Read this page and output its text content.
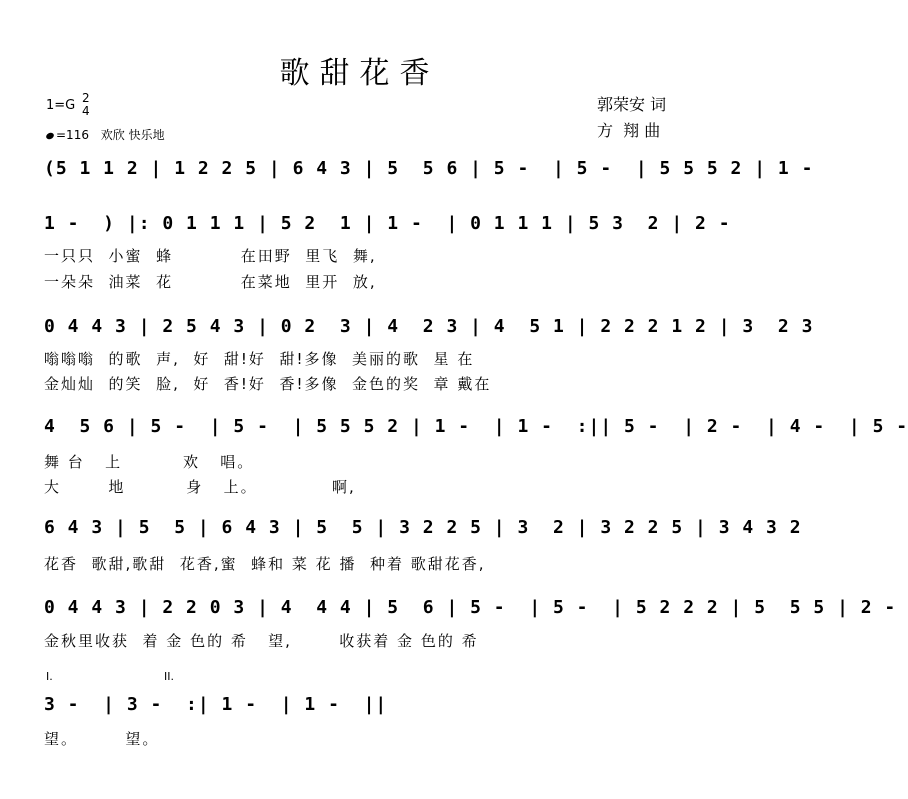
歌甜花香
郭荣安 词
方  翔 曲
1=G 2
4
=116 欢欣 快乐地
(5 1 1 2 | 1 2 2 5 | 6 4 3 | 5  5 6 | 5 -  | 5 -  | 5 5 5 2 | 1 -
1 -  ) |: 0 1 1 1 | 5 2  1 | 1 -  | 0 1 1 1 | 5 3  2 | 2 -
一只只  小蜜  蜂          在田野  里飞  舞,
一朵朵  油菜  花          在菜地  里开  放,
0 4 4 3 | 2 5 4 3 | 0 2  3 | 4  2 3 | 4  5 1 | 2 2 2 1 2 | 3  2 3
嗡嗡嗡  的歌  声,  好  甜!好  甜!多像  美丽的歌  星 在
金灿灿  的笑  脸,  好  香!好  香!多像  金色的奖  章 戴在
4  5 6 | 5 -  | 5 -  | 5 5 5 2 | 1 -  | 1 -  :|| 5 -  | 2 -  | 4 -  | 5 -
舞 台   上         欢   唱。
大       地         身   上。           啊,
6 4 3 | 5  5 | 6 4 3 | 5  5 | 3 2 2 5 | 3  2 | 3 2 2 5 | 3 4 3 2
花香  歌甜,歌甜  花香,蜜  蜂和 菜 花 播  种着 歌甜花香,
0 4 4 3 | 2 2 0 3 | 4  4 4 | 5  6 | 5 -  | 5 -  | 5 2 2 2 | 5  5 5 | 2 -
金秋里收获  着 金 色的 希   望,       收获着 金 色的 希
I.	II.
3 -  | 3 -  :| 1 -  | 1 -  ||
望。       望。
